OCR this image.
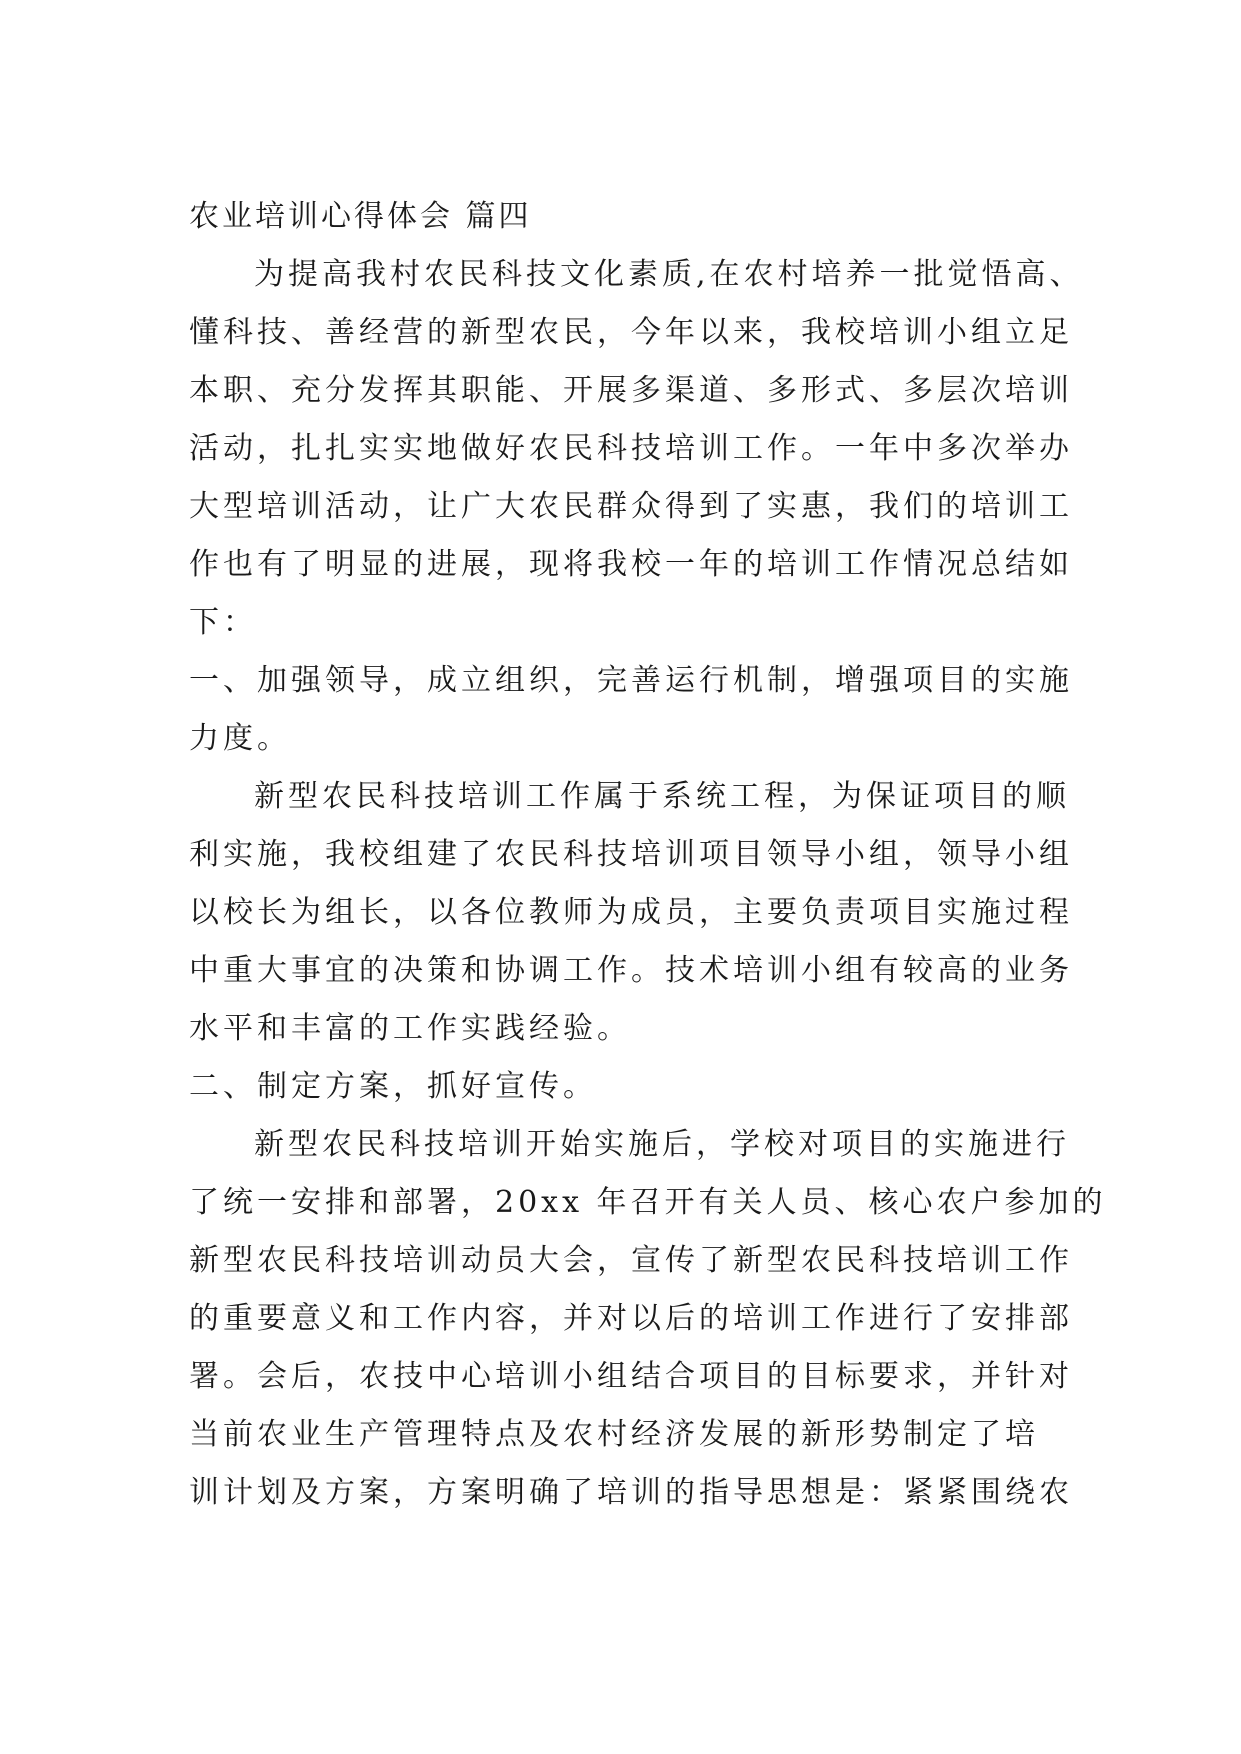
农业培训心得体会 篇四
为提高我村农民科技文化素质,在农村培养一批觉悟高、
懂科技、善经营的新型农民，今年以来，我校培训小组立足
本职、充分发挥其职能、开展多渠道、多形式、多层次培训
活动，扎扎实实地做好农民科技培训工作。一年中多次举办
大型培训活动，让广大农民群众得到了实惠，我们的培训工
作也有了明显的进展，现将我校一年的培训工作情况总结如
下：
一、加强领导，成立组织，完善运行机制，增强项目的实施
力度。
新型农民科技培训工作属于系统工程，为保证项目的顺
利实施，我校组建了农民科技培训项目领导小组，领导小组
以校长为组长，以各位教师为成员，主要负责项目实施过程
中重大事宜的决策和协调工作。技术培训小组有较高的业务
水平和丰富的工作实践经验。
二、制定方案，抓好宣传。
新型农民科技培训开始实施后，学校对项目的实施进行
了统一安排和部署，20xx 年召开有关人员、核心农户参加的
新型农民科技培训动员大会，宣传了新型农民科技培训工作
的重要意义和工作内容，并对以后的培训工作进行了安排部
署。会后，农技中心培训小组结合项目的目标要求，并针对
当前农业生产管理特点及农村经济发展的新形势制定了培
训计划及方案，方案明确了培训的指导思想是：紧紧围绕农
